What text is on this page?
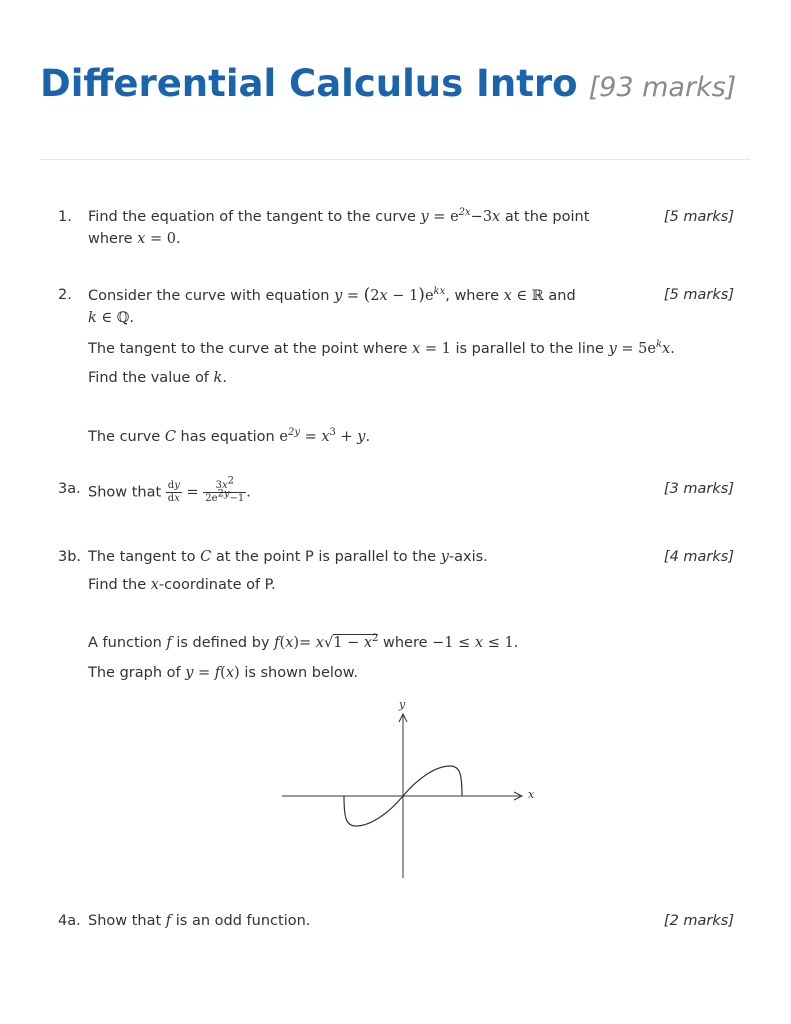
Differential Calculus Intro [93 marks]
1.	Find the equation of the tangent to the curve $y = e^{2x}-3x$ at the point
where x = 0.
[5 marks]
2.	Consider the curve with equation $y = (2x - 1)e^{kx}$, where x ∈ ℝ and
k ∈ ℚ.
[5 marks]
The tangent to the curve at the point where x = 1 is parallel to the line $y = 5e^kx$.
Find the value of k.
The curve C has equation $e^{2y} = x^3 + y$.
3a. Show that $\frac{dy}{dx} = \frac{3x^2}{2e^{2y}-1}$ .	[3 marks]
3b. The tangent to C at the point P is parallel to the y-axis.	[4 marks]
Find the x-coordinate of P.
A function f is defined by $f(x)= x√1 - x^2$ where −1 ≤ x ≤ 1.
The graph of y = f(x) is shown below.
x
y
4a. Show that f is an odd function.	[2 marks]
